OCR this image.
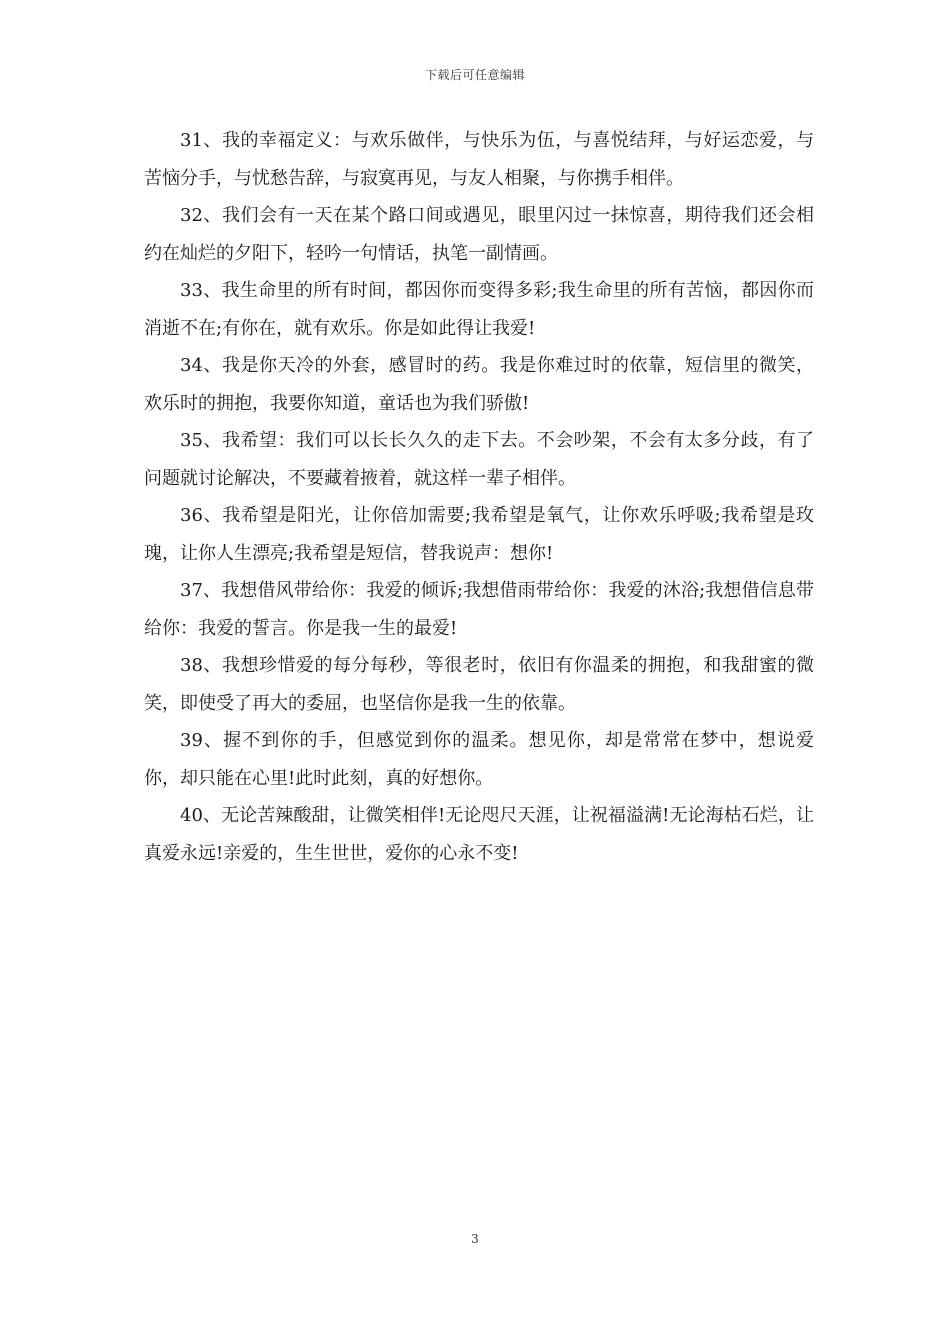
下载后可任意编辑

31、我的幸福定义：与欢乐做伴，与快乐为伍，与喜悦结拜，与好运恋爱，与苦恼分手，与忧愁告辞，与寂寞再见，与友人相聚，与你携手相伴。

32、我们会有一天在某个路口间或遇见，眼里闪过一抹惊喜，期待我们还会相约在灿烂的夕阳下，轻吟一句情话，执笔一副情画。

33、我生命里的所有时间，都因你而变得多彩;我生命里的所有苦恼，都因你而消逝不在;有你在，就有欢乐。你是如此得让我爱!

34、我是你天冷的外套，感冒时的药。我是你难过时的依靠，短信里的微笑，欢乐时的拥抱，我要你知道，童话也为我们骄傲!

35、我希望：我们可以长长久久的走下去。不会吵架，不会有太多分歧，有了问题就讨论解决，不要藏着掖着，就这样一辈子相伴。

36、我希望是阳光，让你倍加需要;我希望是氧气，让你欢乐呼吸;我希望是玫瑰，让你人生漂亮;我希望是短信，替我说声：想你!

37、我想借风带给你：我爱的倾诉;我想借雨带给你：我爱的沐浴;我想借信息带给你：我爱的誓言。你是我一生的最爱!

38、我想珍惜爱的每分每秒，等很老时，依旧有你温柔的拥抱，和我甜蜜的微笑，即使受了再大的委屈，也坚信你是我一生的依靠。

39、握不到你的手，但感觉到你的温柔。想见你，却是常常在梦中，想说爱你，却只能在心里!此时此刻，真的好想你。

40、无论苦辣酸甜，让微笑相伴!无论咫尺天涯，让祝福溢满!无论海枯石烂，让真爱永远!亲爱的，生生世世，爱你的心永不变!

3
